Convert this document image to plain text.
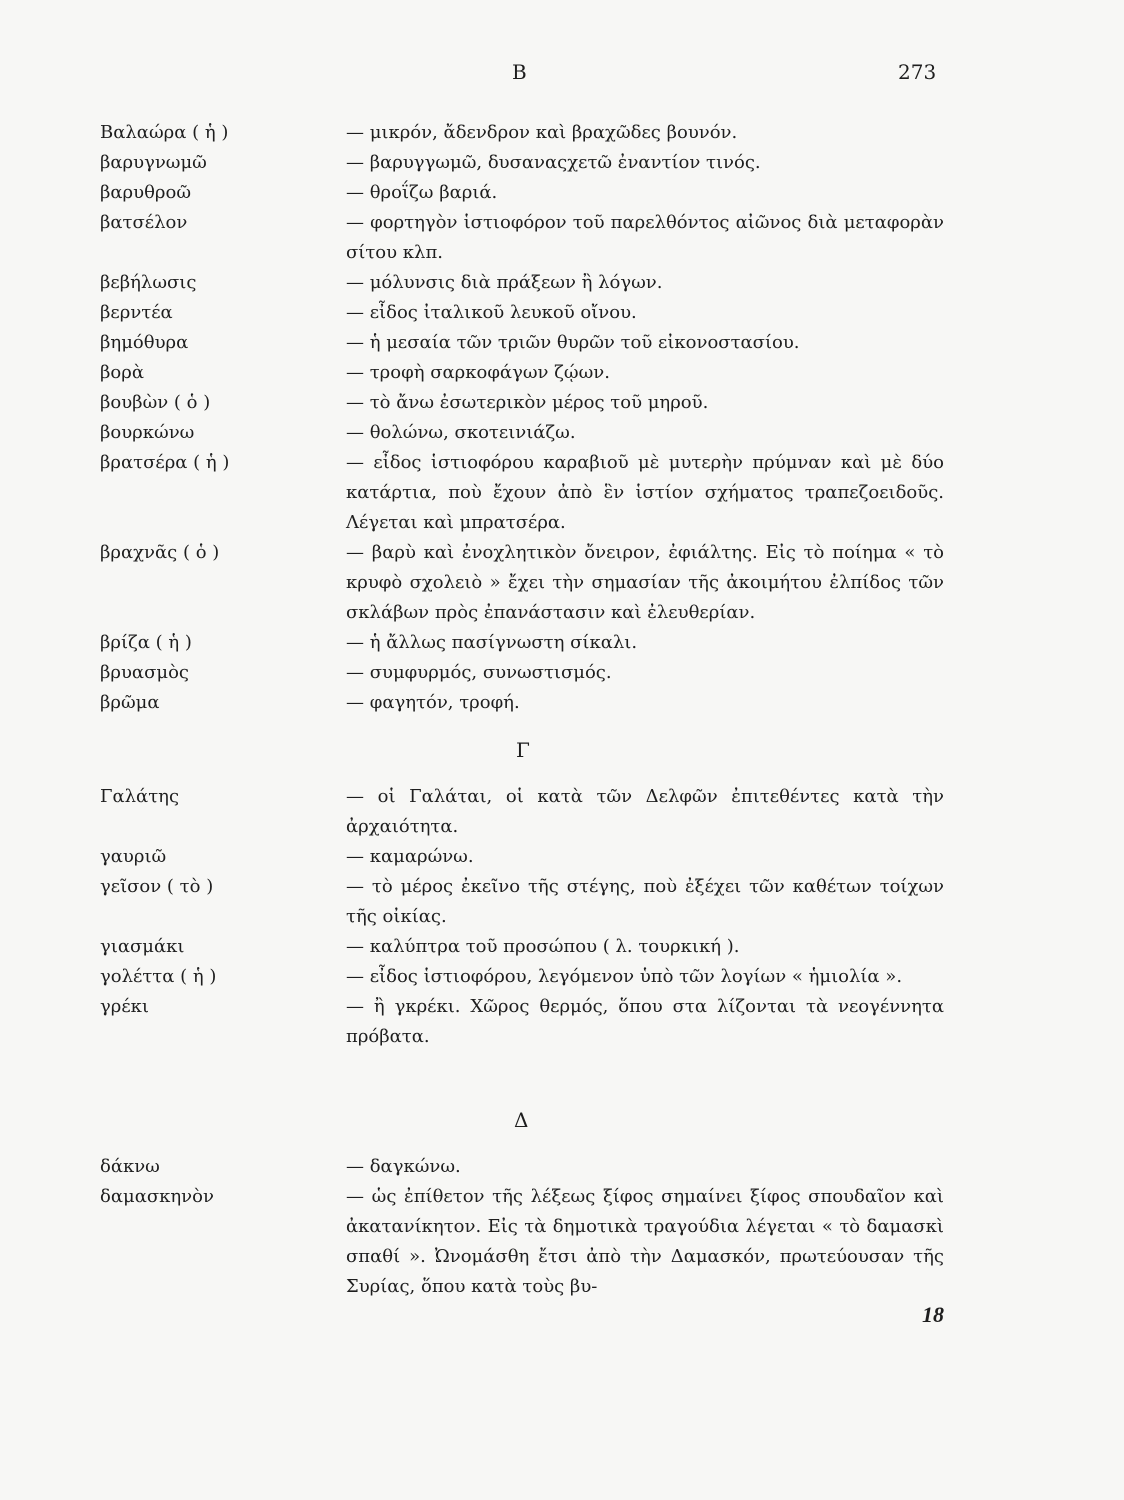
Β	273
Βαλαώρα ( ἡ )	— μικρόν, ἄδενδρον καὶ βραχῶδες βουνόν.
βαρυγνωμῶ	— βαρυγγωμῶ, δυσαναςχετῶ ἐναντίον τινός.
βαρυθροῶ	— θροΐζω βαριά.
βατσέλον	— φορτηγὸν ἱστιοφόρον τοῦ παρελθόντος αἰῶνος διὰ μεταφορὰν σίτου κλπ.
βεβήλωσις	— μόλυνσις διὰ πράξεων ἢ λόγων.
βερντέα	— εἶδος ἰταλικοῦ λευκοῦ οἴνου.
βημόθυρα	— ἡ μεσαία τῶν τριῶν θυρῶν τοῦ εἰκονοστασίου.
βορὰ	— τροφὴ σαρκοφάγων ζῴων.
βουβὼν ( ὁ )	— τὸ ἄνω ἐσωτερικὸν μέρος τοῦ μηροῦ.
βουρκώνω	— θολώνω, σκοτεινιάζω.
βρατσέρα ( ἡ )	— εἶδος ἱστιοφόρου καραβιοῦ μὲ μυτερὴν πρύμναν καὶ μὲ δύο κατάρτια, ποὺ ἔχουν ἀπὸ ἓν ἱστίον σχήματος τραπεζοειδοῦς. Λέγεται καὶ μπρατσέρα.
βραχνᾶς ( ὁ )	— βαρὺ καὶ ἐνοχλητικὸν ὄνειρον, ἐφιάλτης. Εἰς τὸ ποίημα « τὸ κρυφὸ σχολειὸ » ἔχει τὴν σημασίαν τῆς ἀκοιμήτου ἐλπίδος τῶν σκλάβων πρὸς ἐπανάστασιν καὶ ἐλευθερίαν.
βρίζα ( ἡ )	— ἡ ἄλλως πασίγνωστη σίκαλι.
βρυασμὸς	— συμφυρμός, συνωστισμός.
βρῶμα	— φαγητόν, τροφή.
Γ
Γαλάτης	— οἱ Γαλάται, οἱ κατὰ τῶν Δελφῶν ἐπιτεθέντες κατὰ τὴν ἀρχαιότητα.
γαυριῶ	— καμαρώνω.
γεῖσον ( τὸ )	— τὸ μέρος ἐκεῖνο τῆς στέγης, ποὺ ἐξέχει τῶν καθέτων τοίχων τῆς οἰκίας.
γιασμάκι	— καλύπτρα τοῦ προσώπου ( λ. τουρκική ).
γολέττα ( ἡ )	— εἶδος ἱστιοφόρου, λεγόμενον ὑπὸ τῶν λογίων « ἡμιολία ».
γρέκι	— ἢ γκρέκι. Χῶρος θερμός, ὅπου στα λίζονται τὰ νεογέννητα πρόβατα.
Δ
δάκνω	— δαγκώνω.
δαμασκηνὸν	— ὡς ἐπίθετον τῆς λέξεως ξίφος σημαίνει ξίφος σπουδαῖον καὶ ἀκατανίκητον. Εἰς τὰ δημοτικὰ τραγούδια λέγεται « τὸ δαμασκὶ σπαθί ». Ὠνομάσθη ἔτσι ἀπὸ τὴν Δαμασκόν, πρωτεύουσαν τῆς Συρίας, ὅπου κατὰ τοὺς βυ-
18
